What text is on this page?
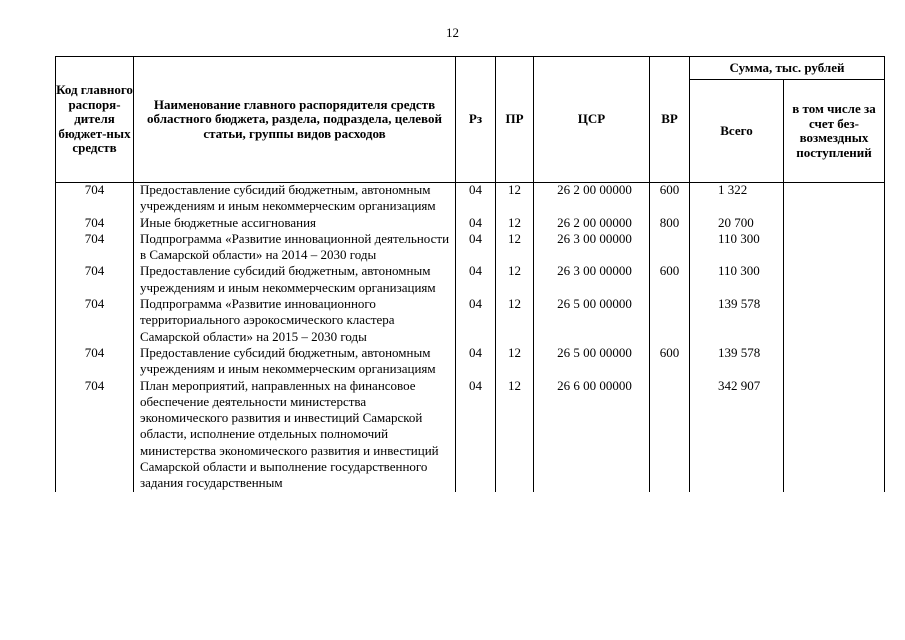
12
Код главного распоря-дителя бюджет-ных средств	Наименование главного распорядителя средств областного бюджета, раздела, подраздела, целевой статьи, группы видов расходов	Рз	ПР	ЦСР	ВР	Сумма, тыс. рублей	
						Всего	в том числе за счет без-возмездных поступлений
704	Предоставление субсидий бюджетным, автономным учреждениям и иным некоммерческим организациям	04	12	26 2 00 00000	600	1 322	
704	Иные бюджетные ассигнования	04	12	26 2 00 00000	800	20 700	
704	Подпрограмма «Развитие инновационной деятельности в Самарской области» на 2014 – 2030 годы	04	12	26 3 00 00000		110 300	
704	Предоставление субсидий бюджетным, автономным учреждениям и иным некоммерческим организациям	04	12	26 3 00 00000	600	110 300	
704	Подпрограмма «Развитие инновационного территориального аэрокосмического кластера Самарской области» на 2015 – 2030 годы	04	12	26 5 00 00000		139 578	
704	Предоставление субсидий бюджетным, автономным учреждениям и иным некоммерческим организациям	04	12	26 5 00 00000	600	139 578	
704	План мероприятий, направленных на финансовое обеспечение деятельности министерства экономического развития и инвестиций Самарской области, исполнение отдельных полномочий министерства экономического развития и инвестиций Самарской области и выполнение государственного задания государственным	04	12	26 6 00 00000		342 907	
